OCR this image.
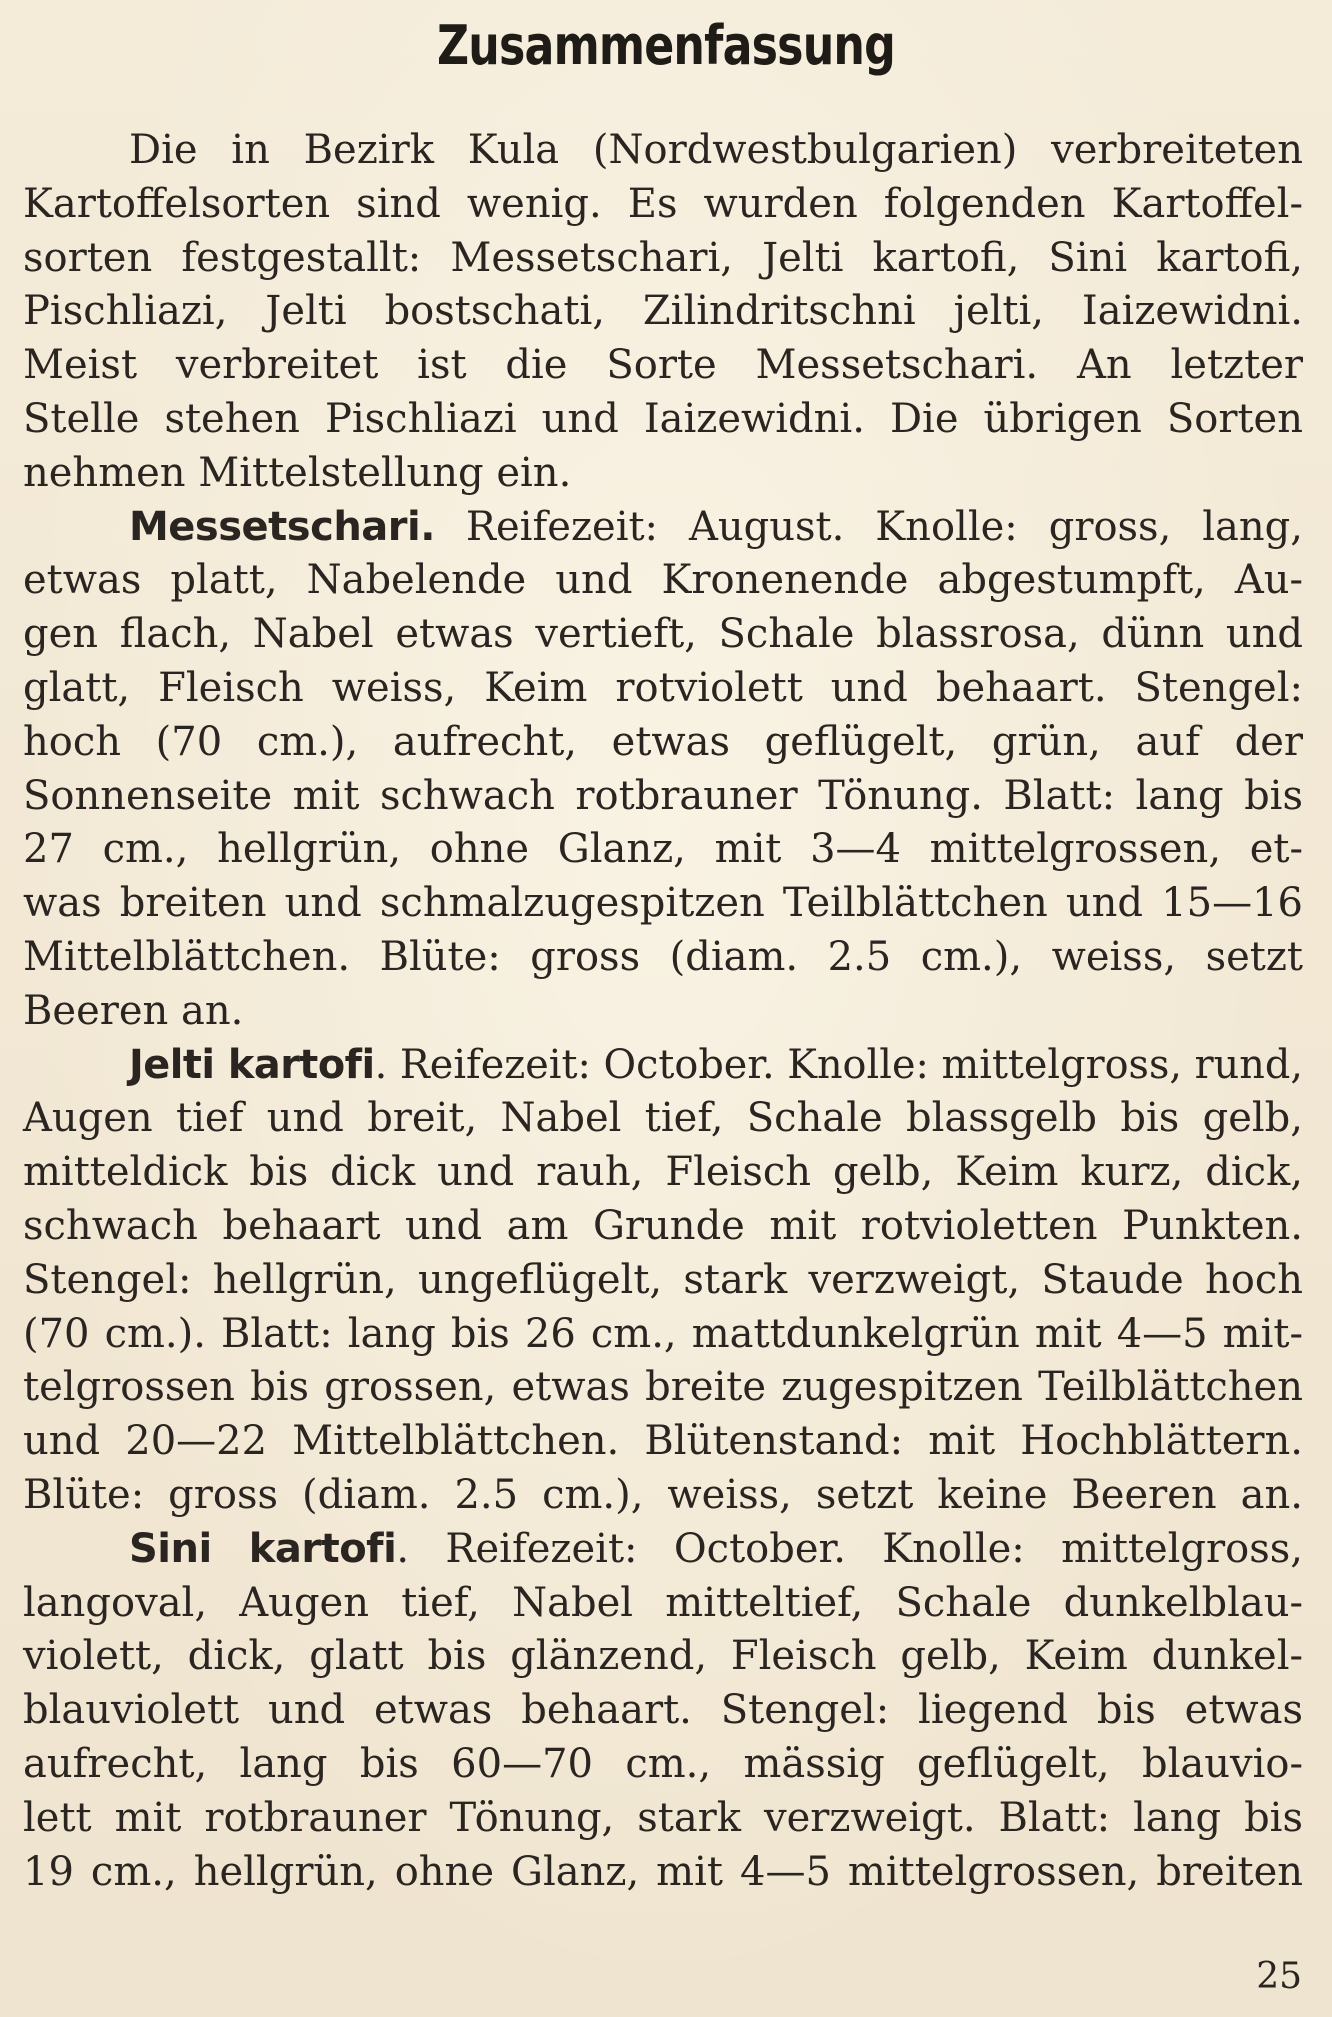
Zusammenfassung
Die in Bezirk Kula (Nordwestbulgarien) verbreiteten
Kartoffelsorten sind wenig. Es wurden folgenden Kartoffel-
sorten festgestallt: Messetschari, Jelti kartofi, Sini kartofi,
Pischliazi, Jelti bostschati, Zilindritschni jelti, Iaizewidni.
Meist verbreitet ist die Sorte Messetschari. An letzter
Stelle stehen Pischliazi und Iaizewidni. Die übrigen Sorten
nehmen Mittelstellung ein.
Messetschari. Reifezeit: August. Knolle: gross, lang,
etwas platt, Nabelende und Kronenende abgestumpft, Au-
gen flach, Nabel etwas vertieft, Schale blassrosa, dünn und
glatt, Fleisch weiss, Keim rotviolett und behaart. Stengel:
hoch (70 cm.), aufrecht, etwas geflügelt, grün, auf der
Sonnenseite mit schwach rotbrauner Tönung. Blatt: lang bis
27 cm., hellgrün, ohne Glanz, mit 3—4 mittelgrossen, et-
was breiten und schmalzugespitzen Teilblättchen und 15—16
Mittelblättchen. Blüte: gross (diam. 2.5 cm.), weiss, setzt
Beeren an.
Jelti kartofi. Reifezeit: October. Knolle: mittelgross, rund,
Augen tief und breit, Nabel tief, Schale blassgelb bis gelb,
mitteldick bis dick und rauh, Fleisch gelb, Keim kurz, dick,
schwach behaart und am Grunde mit rotvioletten Punkten.
Stengel: hellgrün, ungeflügelt, stark verzweigt, Staude hoch
(70 cm.). Blatt: lang bis 26 cm., mattdunkelgrün mit 4—5 mit-
telgrossen bis grossen, etwas breite zugespitzen Teilblättchen
und 20—22 Mittelblättchen. Blütenstand: mit Hochblättern.
Blüte: gross (diam. 2.5 cm.), weiss, setzt keine Beeren an.
Sini kartofi. Reifezeit: October. Knolle: mittelgross,
langoval, Augen tief, Nabel mitteltief, Schale dunkelblau-
violett, dick, glatt bis glänzend, Fleisch gelb, Keim dunkel-
blauviolett und etwas behaart. Stengel: liegend bis etwas
aufrecht, lang bis 60—70 cm., mässig geflügelt, blauvio-
lett mit rotbrauner Tönung, stark verzweigt. Blatt: lang bis
19 cm., hellgrün, ohne Glanz, mit 4—5 mittelgrossen, breiten
25
